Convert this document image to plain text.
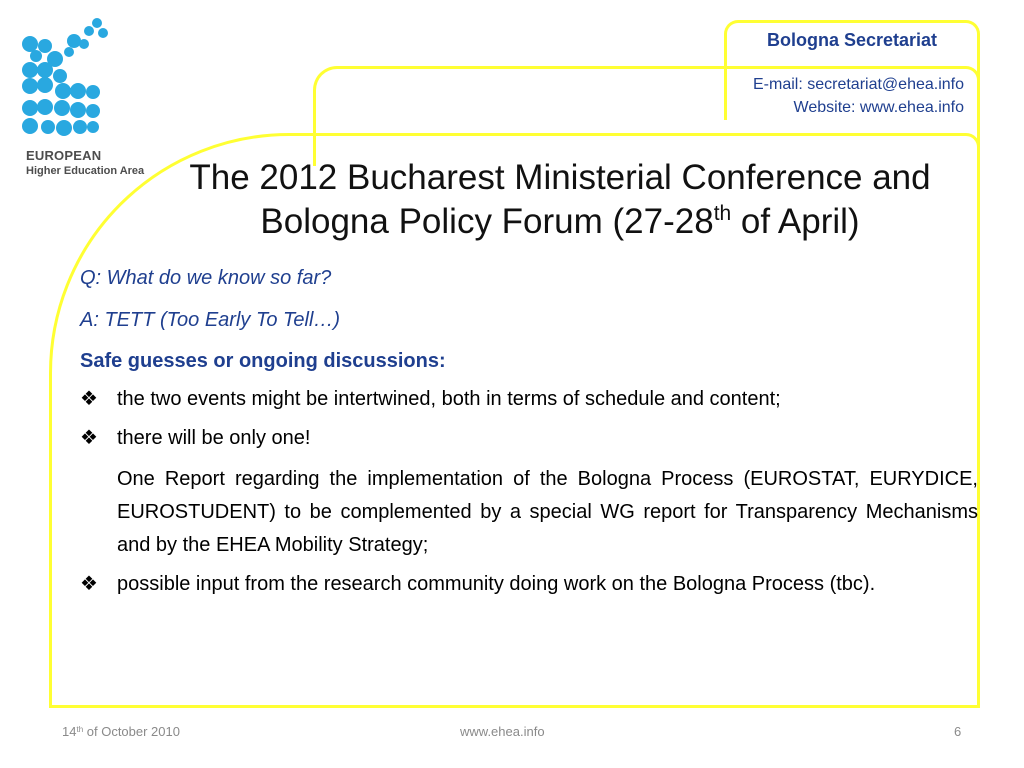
EUROPEAN
Higher Education Area
Bologna Secretariat
E-mail: secretariat@ehea.info
Website: www.ehea.info
The 2012 Bucharest Ministerial Conference and
Bologna Policy Forum (27-28th of April)
Q: What do we know so far?
A: TETT (Too Early To Tell…)
Safe guesses or ongoing discussions:
❖ the two events might be intertwined, both in terms of schedule and content;
❖ there will be only one!
One Report regarding the implementation of the Bologna Process (EUROSTAT, EURYDICE, EUROSTUDENT) to be complemented by a special WG report for Transparency Mechanisms and by the EHEA Mobility Strategy;
❖ possible input from the research community doing work on the Bologna Process (tbc).
14th of October 2010	www.ehea.info	6
